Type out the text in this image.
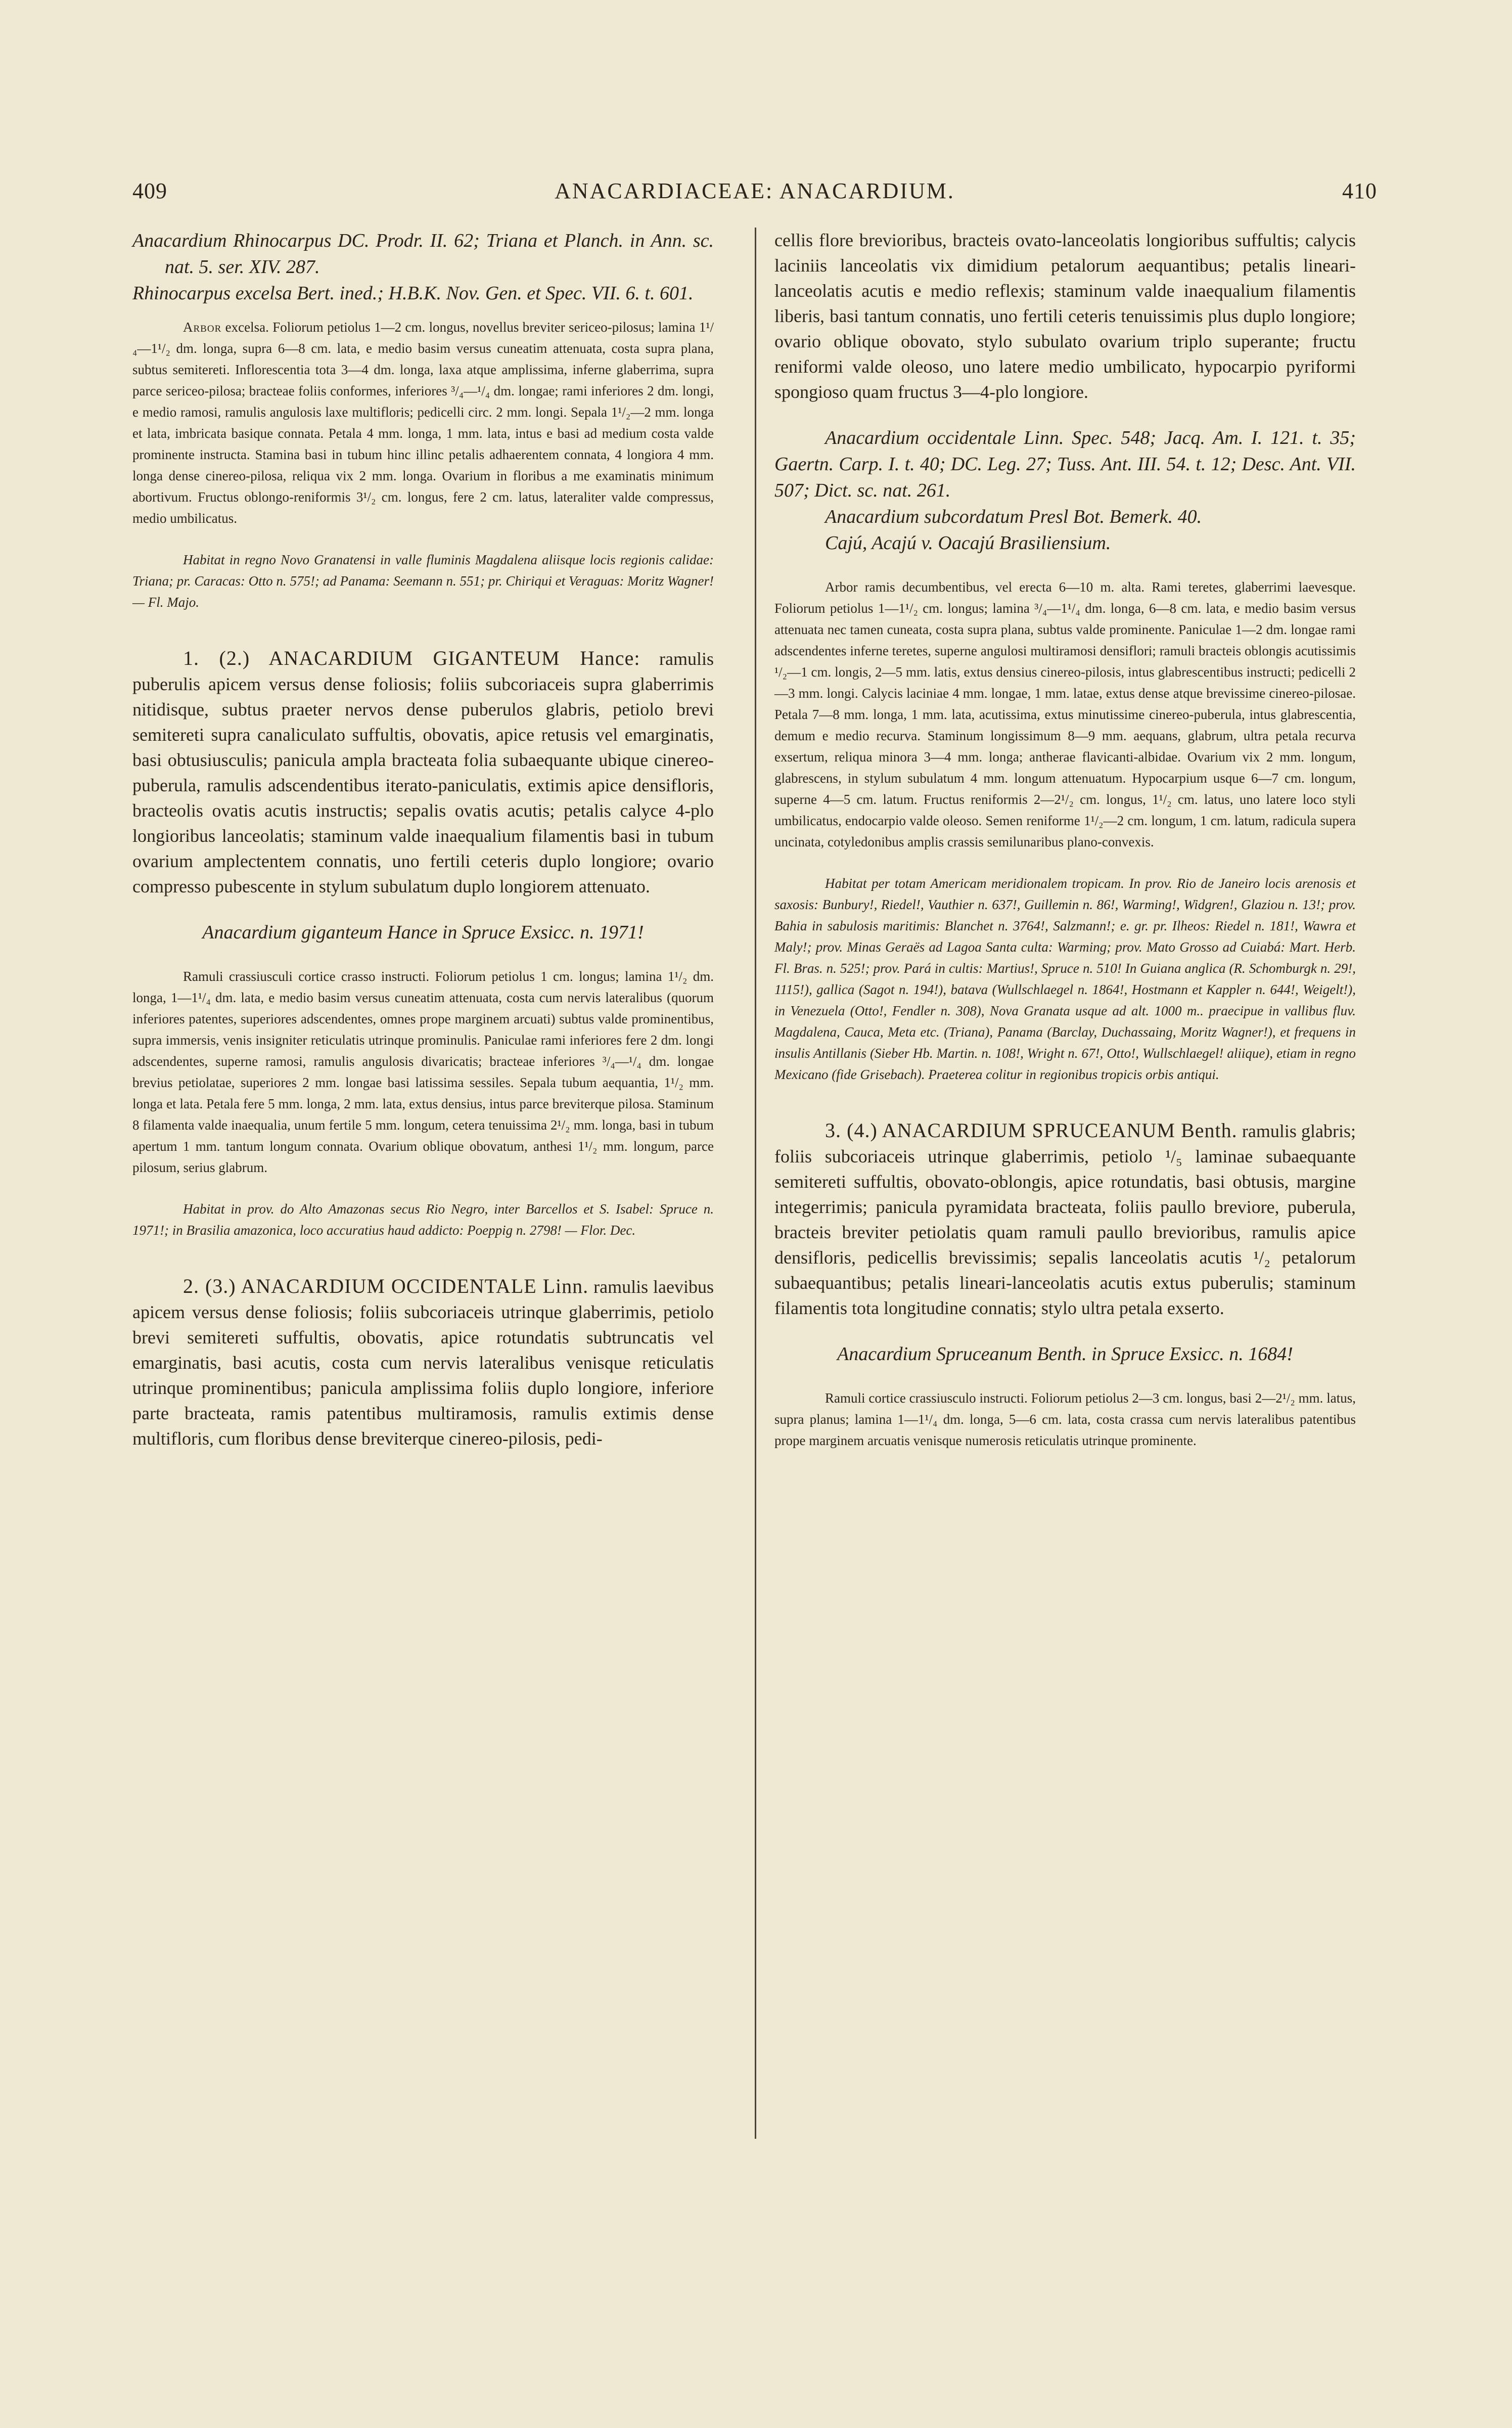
409	ANACARDIACEAE: ANACARDIUM.	410

Anacardium Rhinocarpus DC. Prodr. II. 62; Triana et Planch. in Ann. sc. nat. 5. ser. XIV. 287.

Rhinocarpus excelsa Bert. ined.; H.B.K. Nov. Gen. et Spec. VII. 6. t. 601.

Arbor excelsa. Foliorum petiolus 1—2 cm. longus, novellus breviter sericeo-pilosus; lamina 1¹/₄—1¹/₂ dm. longa, supra 6—8 cm. lata, e medio basim versus cuneatim attenuata, costa supra plana, subtus semitereti. Inflorescentia tota 3—4 dm. longa, laxa atque amplissima, inferne glaberrima, supra parce sericeo-pilosa; bracteae foliis conformes, inferiores ³/₄—¹/₄ dm. longae; rami inferiores 2 dm. longi, e medio ramosi, ramulis angulosis laxe multifloris; pedicelli circ. 2 mm. longi. Sepala 1¹/₂—2 mm. longa et lata, imbricata basique connata. Petala 4 mm. longa, 1 mm. lata, intus e basi ad medium costa valde prominente instructa. Stamina basi in tubum hinc illinc petalis adhaerentem connata, 4 longiora 4 mm. longa dense cinereo-pilosa, reliqua vix 2 mm. longa. Ovarium in floribus a me examinatis minimum abortivum. Fructus oblongo-reniformis 3¹/₂ cm. longus, fere 2 cm. latus, lateraliter valde compressus, medio umbilicatus.

Habitat in regno Novo Granatensi in valle fluminis Magdalena aliisque locis regionis calidae: Triana; pr. Caracas: Otto n. 575!; ad Panama: Seemann n. 551; pr. Chiriqui et Veraguas: Moritz Wagner! — Fl. Majo.

1. (2.) ANACARDIUM GIGANTEUM Hance: ramulis puberulis apicem versus dense foliosis; foliis subcoriaceis supra glaberrimis nitidisque, subtus praeter nervos dense puberulos glabris, petiolo brevi semitereti supra canaliculato suffultis, obovatis, apice retusis vel emarginatis, basi obtusiusculis; panicula ampla bracteata folia subaequante ubique cinereo-puberula, ramulis adscendentibus iterato-paniculatis, extimis apice densifloris, bracteolis ovatis acutis instructis; sepalis ovatis acutis; petalis calyce 4-plo longioribus lanceolatis; staminum valde inaequalium filamentis basi in tubum ovarium amplectentem connatis, uno fertili ceteris duplo longiore; ovario compresso pubescente in stylum subulatum duplo longiorem attenuato.

Anacardium giganteum Hance in Spruce Exsicc. n. 1971!

Ramuli crassiusculi cortice crasso instructi. Foliorum petiolus 1 cm. longus; lamina 1¹/₂ dm. longa, 1—1¹/₄ dm. lata, e medio basim versus cuneatim attenuata, costa cum nervis lateralibus (quorum inferiores patentes, superiores adscendentes, omnes prope marginem arcuati) subtus valde prominentibus, supra immersis, venis insigniter reticulatis utrinque prominulis. Paniculae rami inferiores fere 2 dm. longi adscendentes, superne ramosi, ramulis angulosis divaricatis; bracteae inferiores ³/₄—¹/₄ dm. longae brevius petiolatae, superiores 2 mm. longae basi latissima sessiles. Sepala tubum aequantia, 1¹/₂ mm. longa et lata. Petala fere 5 mm. longa, 2 mm. lata, extus densius, intus parce breviterque pilosa. Staminum 8 filamenta valde inaequalia, unum fertile 5 mm. longum, cetera tenuissima 2¹/₂ mm. longa, basi in tubum apertum 1 mm. tantum longum connata. Ovarium oblique obovatum, anthesi 1¹/₂ mm. longum, parce pilosum, serius glabrum.

Habitat in prov. do Alto Amazonas secus Rio Negro, inter Barcellos et S. Isabel: Spruce n. 1971!; in Brasilia amazonica, loco accuratius haud addicto: Poeppig n. 2798! — Flor. Dec.

2. (3.) ANACARDIUM OCCIDENTALE Linn. ramulis laevibus apicem versus dense foliosis; foliis subcoriaceis utrinque glaberrimis, petiolo brevi semitereti suffultis, obovatis, apice rotundatis subtruncatis vel emarginatis, basi acutis, costa cum nervis lateralibus venisque reticulatis utrinque prominentibus; panicula amplissima foliis duplo longiore, inferiore parte bracteata, ramis patentibus multiramosis, ramulis extimis dense multifloris, cum floribus dense breviterque cinereo-pilosis, pedi-

cellis flore brevioribus, bracteis ovato-lanceolatis longioribus suffultis; calycis laciniis lanceolatis vix dimidium petalorum aequantibus; petalis lineari-lanceolatis acutis e medio reflexis; staminum valde inaequalium filamentis liberis, basi tantum connatis, uno fertili ceteris tenuissimis plus duplo longiore; ovario oblique obovato, stylo subulato ovarium triplo superante; fructu reniformi valde oleoso, uno latere medio umbilicato, hypocarpio pyriformi spongioso quam fructus 3—4-plo longiore.

Anacardium occidentale Linn. Spec. 548; Jacq. Am. I. 121. t. 35; Gaertn. Carp. I. t. 40; DC. Leg. 27; Tuss. Ant. III. 54. t. 12; Desc. Ant. VII. 507; Dict. sc. nat. 261.

Anacardium subcordatum Presl Bot. Bemerk. 40.

Cajú, Acajú v. Oacajú Brasiliensium.

Arbor ramis decumbentibus, vel erecta 6—10 m. alta. Rami teretes, glaberrimi laevesque. Foliorum petiolus 1—1¹/₂ cm. longus; lamina ³/₄—1¹/₄ dm. longa, 6—8 cm. lata, e medio basim versus attenuata nec tamen cuneata, costa supra plana, subtus valde prominente. Paniculae 1—2 dm. longae rami adscendentes inferne teretes, superne angulosi multiramosi densiflori; ramuli bracteis oblongis acutissimis ¹/₂—1 cm. longis, 2—5 mm. latis, extus densius cinereo-pilosis, intus glabrescentibus instructi; pedicelli 2—3 mm. longi. Calycis laciniae 4 mm. longae, 1 mm. latae, extus dense atque brevissime cinereo-pilosae. Petala 7—8 mm. longa, 1 mm. lata, acutissima, extus minutissime cinereo-puberula, intus glabrescentia, demum e medio recurva. Staminum longissimum 8—9 mm. aequans, glabrum, ultra petala recurva exsertum, reliqua minora 3—4 mm. longa; antherae flavicanti-albidae. Ovarium vix 2 mm. longum, glabrescens, in stylum subulatum 4 mm. longum attenuatum. Hypocarpium usque 6—7 cm. longum, superne 4—5 cm. latum. Fructus reniformis 2—2¹/₂ cm. longus, 1¹/₂ cm. latus, uno latere loco styli umbilicatus, endocarpio valde oleoso. Semen reniforme 1¹/₂—2 cm. longum, 1 cm. latum, radicula supera uncinata, cotyledonibus amplis crassis semilunaribus plano-convexis.

Habitat per totam Americam meridionalem tropicam. In prov. Rio de Janeiro locis arenosis et saxosis: Bunbury!, Riedel!, Vauthier n. 637!, Guillemin n. 86!, Warming!, Widgren!, Glaziou n. 13!; prov. Bahia in sabulosis maritimis: Blanchet n. 3764!, Salzmann!; e. gr. pr. Ilheos: Riedel n. 181!, Wawra et Maly!; prov. Minas Geraës ad Lagoa Santa culta: Warming; prov. Mato Grosso ad Cuiabá: Mart. Herb. Fl. Bras. n. 525!; prov. Pará in cultis: Martius!, Spruce n. 510! In Guiana anglica (R. Schomburgk n. 29!, 1115!), gallica (Sagot n. 194!), batava (Wullschlaegel n. 1864!, Hostmann et Kappler n. 644!, Weigelt!), in Venezuela (Otto!, Fendler n. 308), Nova Granata usque ad alt. 1000 m.. praecipue in vallibus fluv. Magdalena, Cauca, Meta etc. (Triana), Panama (Barclay, Duchassaing, Moritz Wagner!), et frequens in insulis Antillanis (Sieber Hb. Martin. n. 108!, Wright n. 67!, Otto!, Wullschlaegel! aliique), etiam in regno Mexicano (fide Grisebach). Praeterea colitur in regionibus tropicis orbis antiqui.

3. (4.) ANACARDIUM SPRUCEANUM Benth. ramulis glabris; foliis subcoriaceis utrinque glaberrimis, petiolo ¹/₅ laminae subaequante semitereti suffultis, obovato-oblongis, apice rotundatis, basi obtusis, margine integerrimis; panicula pyramidata bracteata, foliis paullo breviore, puberula, bracteis breviter petiolatis quam ramuli paullo brevioribus, ramulis apice densifloris, pedicellis brevissimis; sepalis lanceolatis acutis ¹/₂ petalorum subaequantibus; petalis lineari-lanceolatis acutis extus puberulis; staminum filamentis tota longitudine connatis; stylo ultra petala exserto.

Anacardium Spruceanum Benth. in Spruce Exsicc. n. 1684!

Ramuli cortice crassiusculo instructi. Foliorum petiolus 2—3 cm. longus, basi 2—2¹/₂ mm. latus, supra planus; lamina 1—1¹/₄ dm. longa, 5—6 cm. lata, costa crassa cum nervis lateralibus patentibus prope marginem arcuatis venisque numerosis reticulatis utrinque prominente.
